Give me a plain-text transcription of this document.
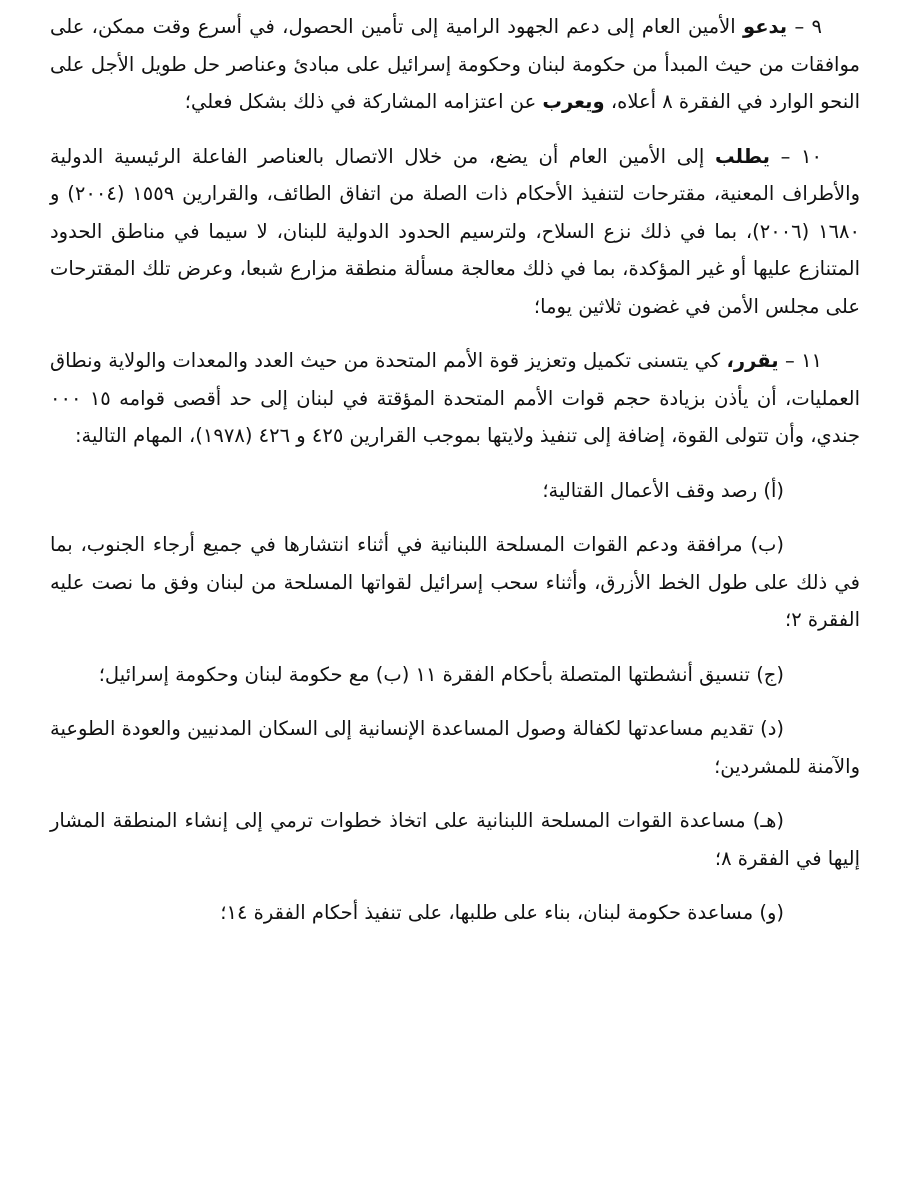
٩ – يدعو الأمين العام إلى دعم الجهود الرامية إلى تأمين الحصول، في أسرع وقت ممكن، على موافقات من حيث المبدأ من حكومة لبنان وحكومة إسرائيل على مبادئ وعناصر حل طويل الأجل على النحو الوارد في الفقرة ٨ أعلاه، ويعرب عن اعتزامه المشاركة في ذلك بشكل فعلي؛

١٠ – يطلب إلى الأمين العام أن يضع، من خلال الاتصال بالعناصر الفاعلة الرئيسية الدولية والأطراف المعنية، مقترحات لتنفيذ الأحكام ذات الصلة من اتفاق الطائف، والقرارين ١٥٥٩ (٢٠٠٤) و ١٦٨٠ (٢٠٠٦)، بما في ذلك نزع السلاح، ولترسيم الحدود الدولية للبنان، لا سيما في مناطق الحدود المتنازع عليها أو غير المؤكدة، بما في ذلك معالجة مسألة منطقة مزارع شبعا، وعرض تلك المقترحات على مجلس الأمن في غضون ثلاثين يوما؛

١١ – يقرر، كي يتسنى تكميل وتعزيز قوة الأمم المتحدة من حيث العدد والمعدات والولاية ونطاق العمليات، أن يأذن بزيادة حجم قوات الأمم المتحدة المؤقتة في لبنان إلى حد أقصى قوامه ١٥ ٠٠٠ جندي، وأن تتولى القوة، إضافة إلى تنفيذ ولايتها بموجب القرارين ٤٢٥ و ٤٢٦ (١٩٧٨)، المهام التالية:

(أ) رصد وقف الأعمال القتالية؛

(ب) مرافقة ودعم القوات المسلحة اللبنانية في أثناء انتشارها في جميع أرجاء الجنوب، بما في ذلك على طول الخط الأزرق، وأثناء سحب إسرائيل لقواتها المسلحة من لبنان وفق ما نصت عليه الفقرة ٢؛

(ج) تنسيق أنشطتها المتصلة بأحكام الفقرة ١١ (ب) مع حكومة لبنان وحكومة إسرائيل؛

(د) تقديم مساعدتها لكفالة وصول المساعدة الإنسانية إلى السكان المدنيين والعودة الطوعية والآمنة للمشردين؛

(هـ) مساعدة القوات المسلحة اللبنانية على اتخاذ خطوات ترمي إلى إنشاء المنطقة المشار إليها في الفقرة ٨؛

(و) مساعدة حكومة لبنان، بناء على طلبها، على تنفيذ أحكام الفقرة ١٤؛
